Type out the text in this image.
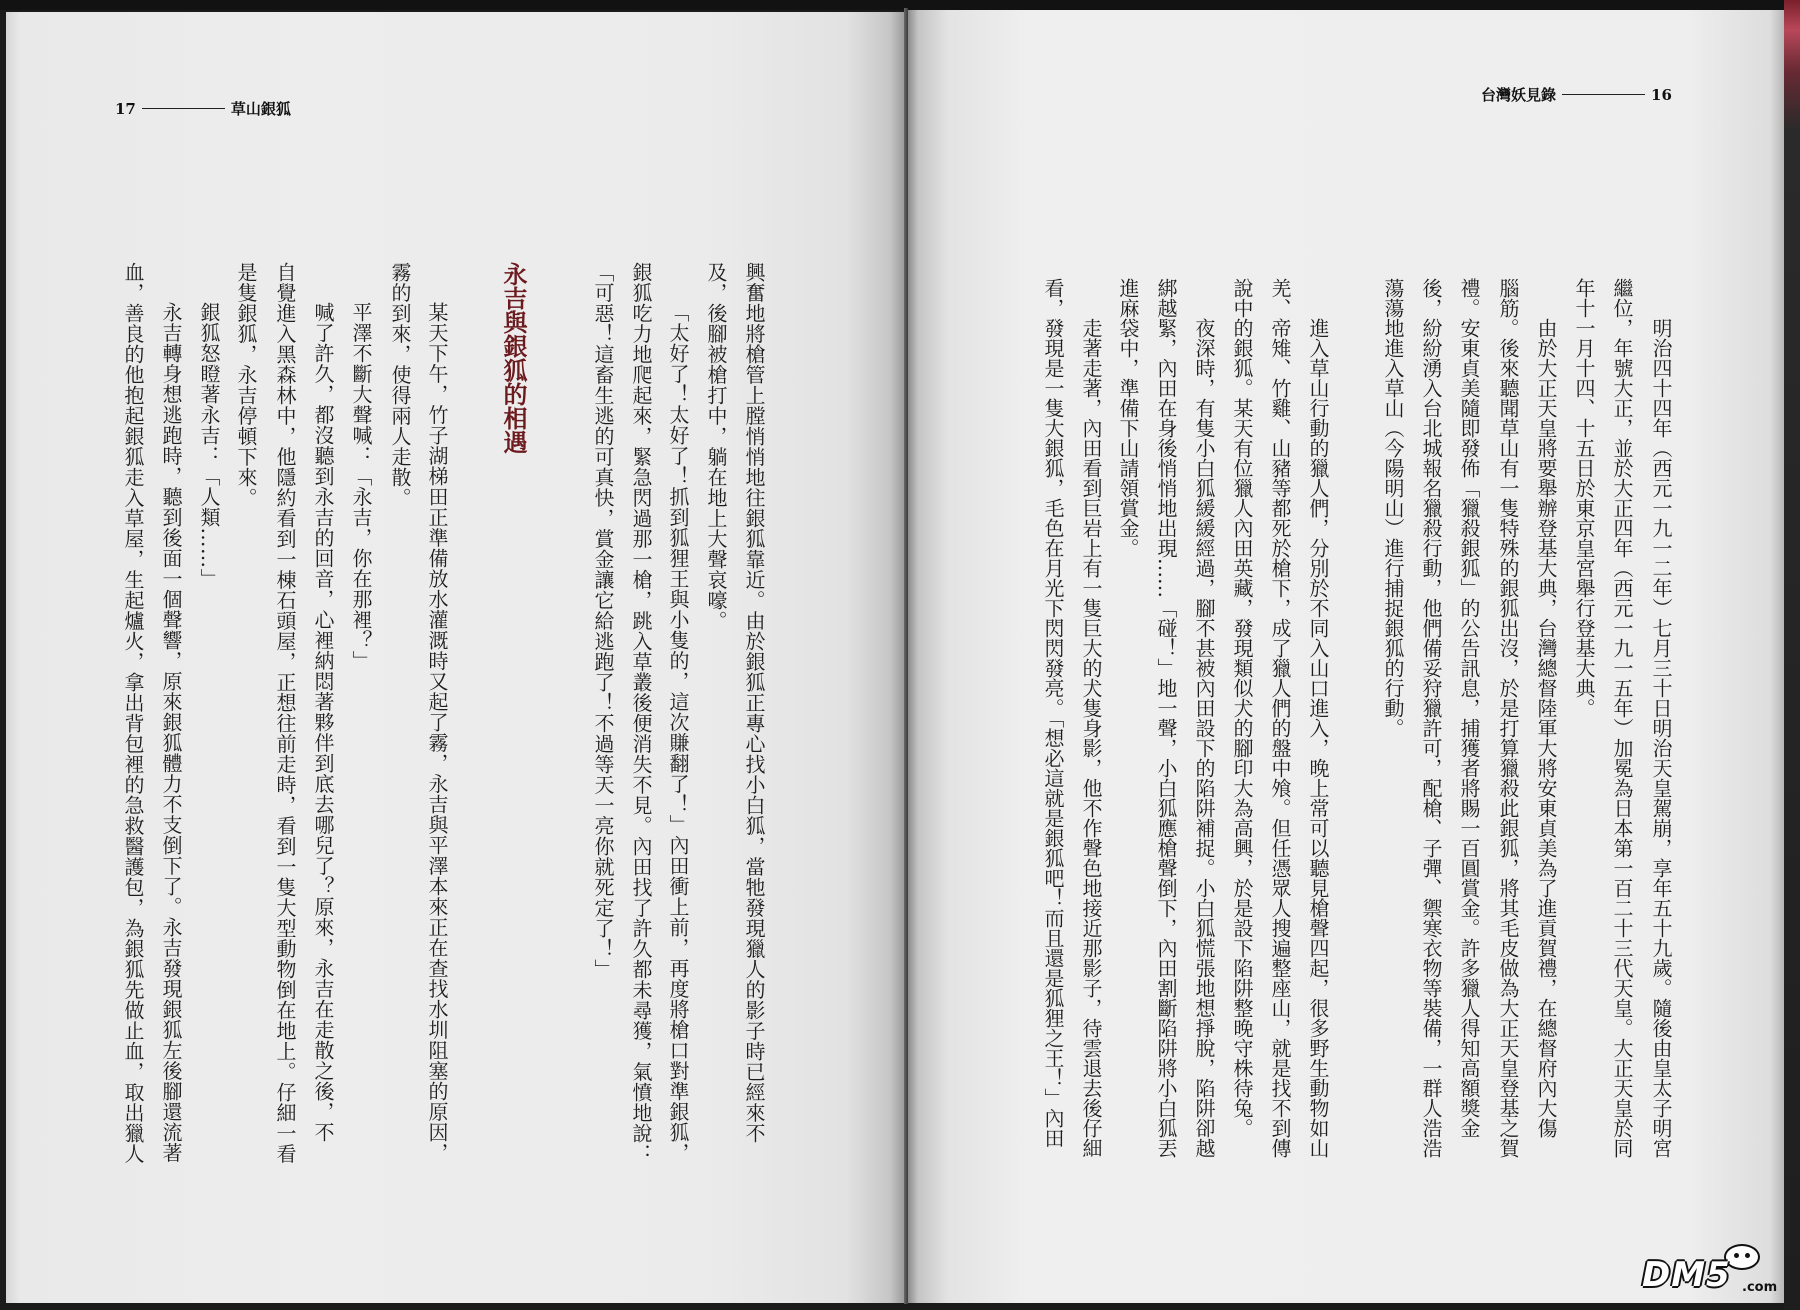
17	草山銀狐
興奮地將槍管上膛悄悄地往銀狐靠近。由於銀狐正專心找小白狐，當牠發現獵人的影子時已經來不
及，後腳被槍打中，躺在地上大聲哀嚎。
「太好了！太好了！抓到狐狸王與小隻的，這次賺翻了！」內田衝上前，再度將槍口對準銀狐，
銀狐吃力地爬起來，緊急閃過那一槍，跳入草叢後便消失不見。內田找了許久都未尋獲，氣憤地說：
「可惡！這畜生逃的可真快，賞金讓它給逃跑了！不過等天一亮你就死定了！」
永吉與銀狐的相遇
某天下午，竹子湖梯田正準備放水灌溉時又起了霧，永吉與平澤本來正在查找水圳阻塞的原因，
霧的到來，使得兩人走散。
平澤不斷大聲喊：「永吉，你在那裡？」
喊了許久，都沒聽到永吉的回音，心裡納悶著夥伴到底去哪兒了？原來，永吉在走散之後，不
自覺進入黑森林中，他隱約看到一棟石頭屋，正想往前走時，看到一隻大型動物倒在地上。仔細一看
是隻銀狐，永吉停頓下來。
銀狐怒瞪著永吉：「人類……」
永吉轉身想逃跑時，聽到後面一個聲響，原來銀狐體力不支倒下了。永吉發現銀狐左後腳還流著
血，善良的他抱起銀狐走入草屋，生起爐火，拿出背包裡的急救醫護包，為銀狐先做止血，取出獵人
台灣妖見錄	16
明治四十四年（西元一九一二年）七月三十日明治天皇駕崩，享年五十九歲。隨後由皇太子明宮
繼位，年號大正，並於大正四年（西元一九一五年）加冕為日本第一百二十三代天皇。大正天皇於同
年十一月十四、十五日於東京皇宮舉行登基大典。
由於大正天皇將要舉辦登基大典，台灣總督陸軍大將安東貞美為了進貢賀禮，在總督府內大傷
腦筋。後來聽聞草山有一隻特殊的銀狐出沒，於是打算獵殺此銀狐，將其毛皮做為大正天皇登基之賀
禮。安東貞美隨即發佈「獵殺銀狐」的公告訊息，捕獲者將賜一百圓賞金。許多獵人得知高額獎金
後，紛紛湧入台北城報名獵殺行動，他們備妥狩獵許可，配槍、子彈、禦寒衣物等裝備，一群人浩浩
蕩蕩地進入草山（今陽明山）進行捕捉銀狐的行動。
進入草山行動的獵人們，分別於不同入山口進入，晚上常可以聽見槍聲四起，很多野生動物如山
羌、帝雉、竹雞、山豬等都死於槍下，成了獵人們的盤中飧。但任憑眾人搜遍整座山，就是找不到傳
說中的銀狐。某天有位獵人內田英藏，發現類似犬的腳印大為高興，於是設下陷阱整晚守株待兔。
夜深時，有隻小白狐緩緩經過，腳不甚被內田設下的陷阱補捉。小白狐慌張地想掙脫，陷阱卻越
綁越緊，內田在身後悄悄地出現……「碰！」地一聲，小白狐應槍聲倒下，內田割斷陷阱將小白狐丟
進麻袋中，準備下山請領賞金。
走著走著，內田看到巨岩上有一隻巨大的犬隻身影，他不作聲色地接近那影子，待雲退去後仔細
看，發現是一隻大銀狐，毛色在月光下閃閃發亮。「想必這就是銀狐吧！而且還是狐狸之王！」內田
DM5 .com
